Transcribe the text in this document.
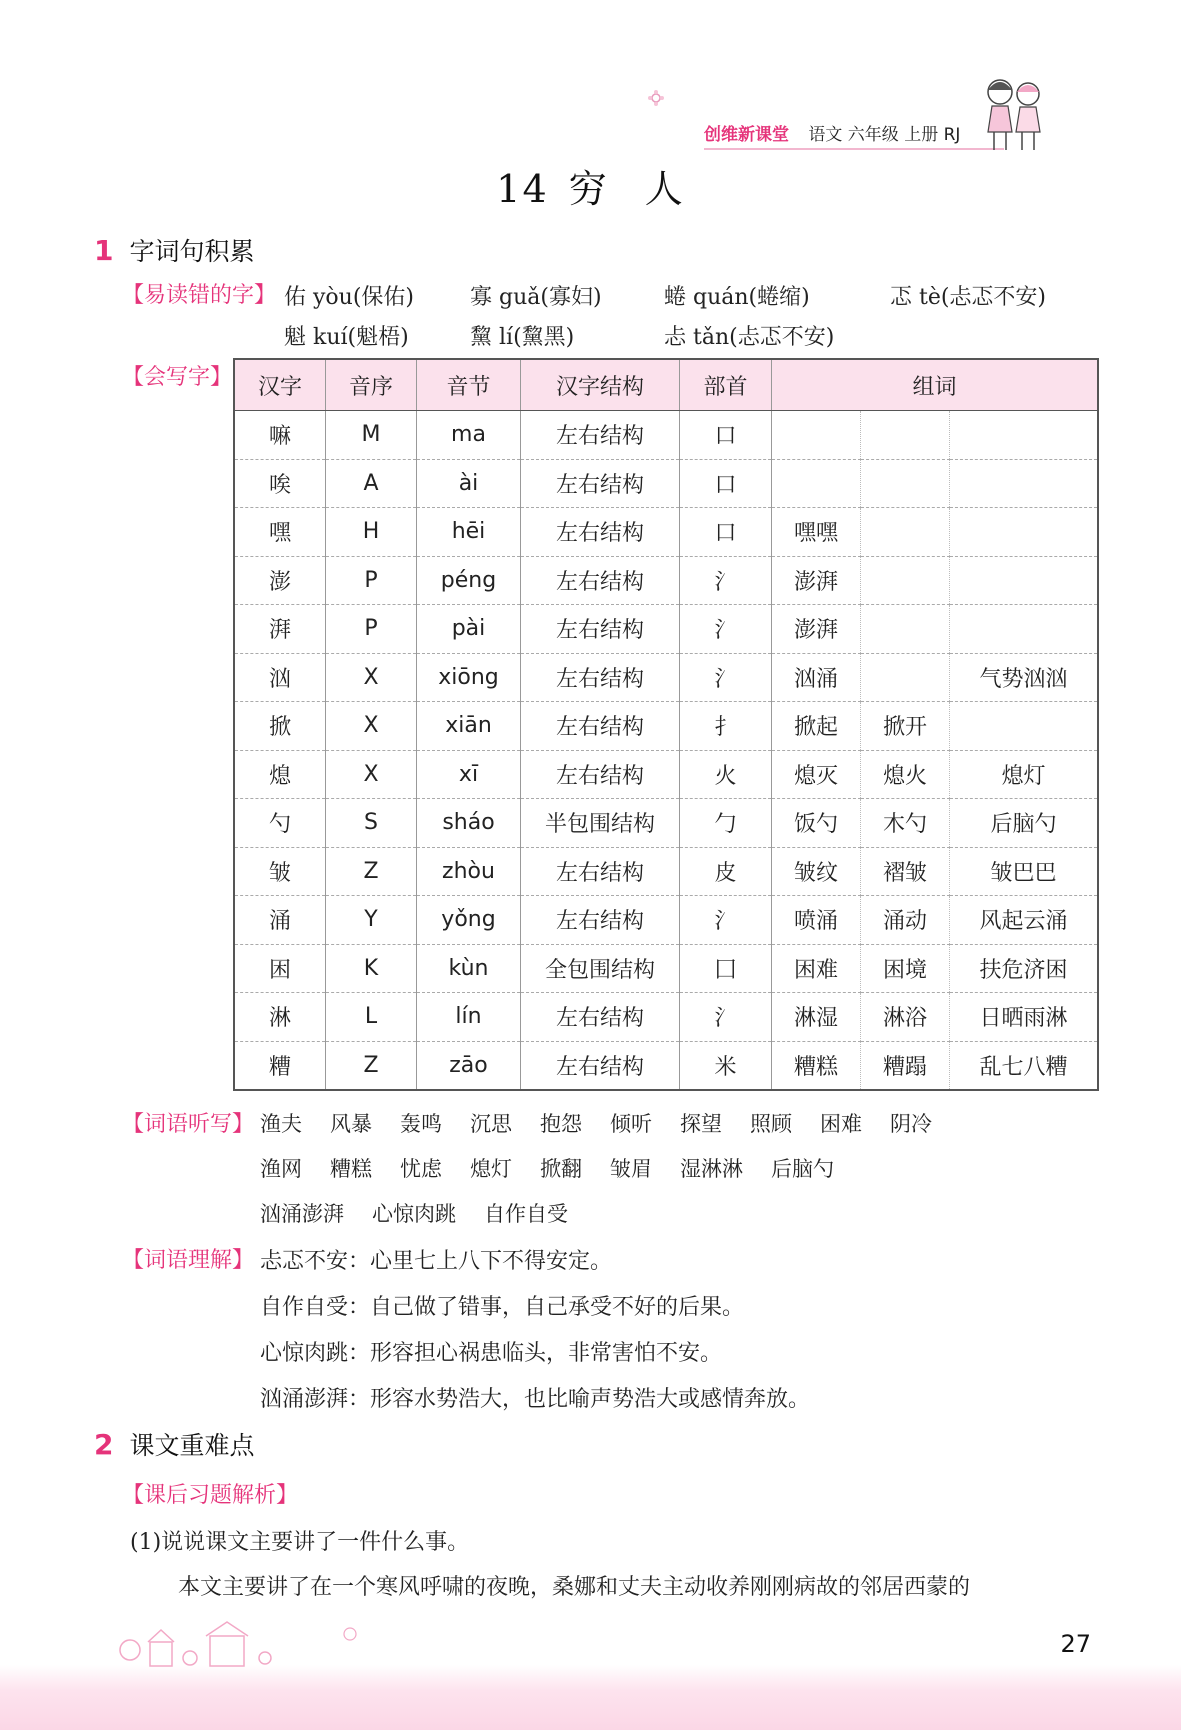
创维新课堂 语文 六年级 上册 RJ
14 穷 人
1 字词句积累
【易读错的字】 佑 yòu(保佑)	寡 guǎ(寡妇)	蜷 quán(蜷缩)	忑 tè(忐忑不安)
魁 kuí(魁梧)	黧 lí(黧黑)	忐 tǎn(忐忑不安)
【会写字】 汉字	音序	音节	汉字结构	部首	组词		
嘛	M	ma	左右结构	口			
唉	A	ài	左右结构	口			
嘿	H	hēi	左右结构	口	嘿嘿		
澎	P	péng	左右结构	氵	澎湃		
湃	P	pài	左右结构	氵	澎湃		
汹	X	xiōng	左右结构	氵	汹涌		气势汹汹
掀	X	xiān	左右结构	扌	掀起	掀开	
熄	X	xī	左右结构	火	熄灭	熄火	熄灯
勺	S	sháo	半包围结构	勹	饭勺	木勺	后脑勺
皱	Z	zhòu	左右结构	皮	皱纹	褶皱	皱巴巴
涌	Y	yǒng	左右结构	氵	喷涌	涌动	风起云涌
困	K	kùn	全包围结构	囗	困难	困境	扶危济困
淋	L	lín	左右结构	氵	淋湿	淋浴	日晒雨淋
糟	Z	zāo	左右结构	米	糟糕	糟蹋	乱七八糟
【词语听写】 渔夫 风暴 轰鸣 沉思 抱怨 倾听 探望 照顾 困难 阴冷
渔网 糟糕 忧虑 熄灯 掀翻 皱眉 湿淋淋 后脑勺
汹涌澎湃 心惊肉跳 自作自受
【词语理解】 忐忑不安：心里七上八下不得安定。
自作自受：自己做了错事，自己承受不好的后果。
心惊肉跳：形容担心祸患临头，非常害怕不安。
汹涌澎湃：形容水势浩大，也比喻声势浩大或感情奔放。
2 课文重难点
【课后习题解析】
(1)说说课文主要讲了一件什么事。
本文主要讲了在一个寒风呼啸的夜晚，桑娜和丈夫主动收养刚刚病故的邻居西蒙的
27
